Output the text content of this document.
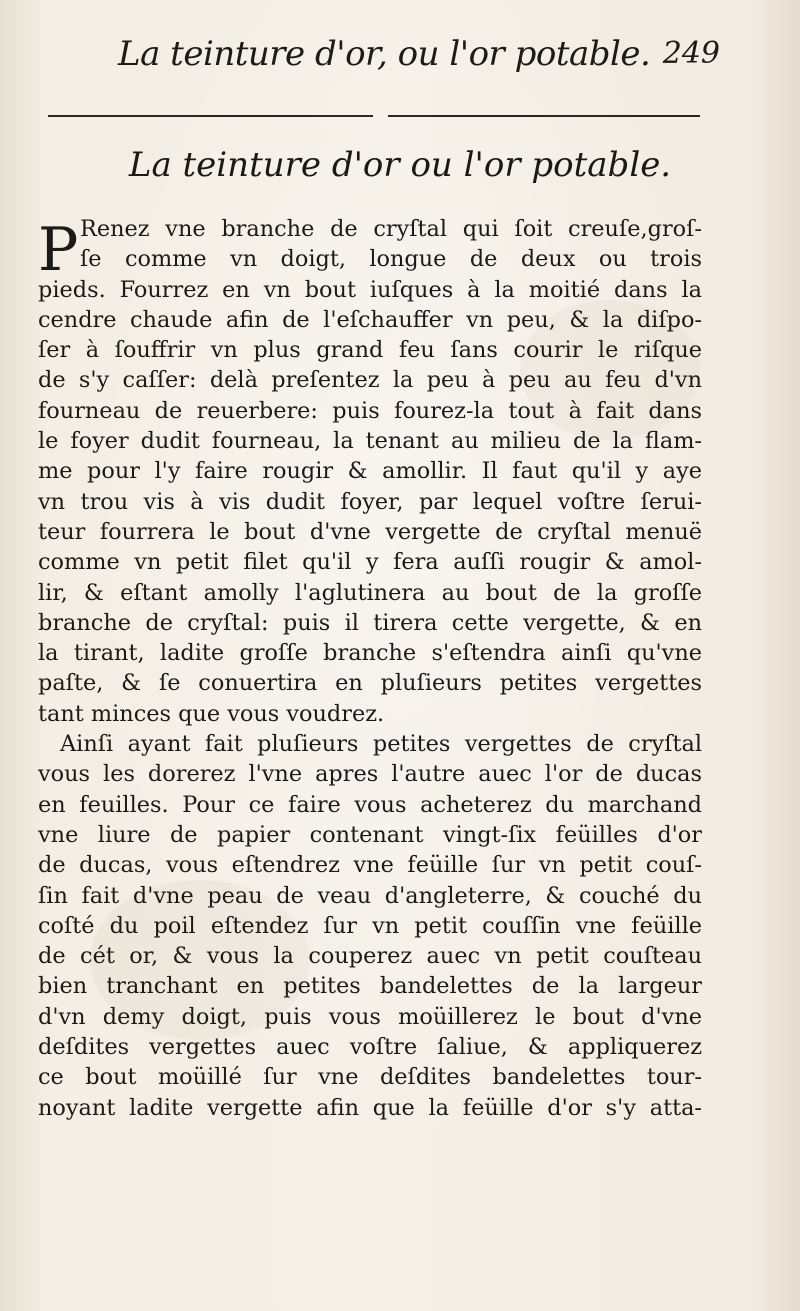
La teinture d'or, ou l'or potable. 249
La teinture d'or ou l'or potable.
P Renez vne branche de cryſtal qui ſoit creuſe,groſ-
ſe comme vn doigt, longue de deux ou trois
pieds. Fourrez en vn bout iuſques à la moitié dans la
cendre chaude afin de l'eſchauffer vn peu, & la diſpo-
ſer à ſouffrir vn plus grand feu ſans courir le riſque
de s'y caſſer: delà preſentez la peu à peu au feu d'vn
fourneau de reuerbere: puis fourez-la tout à fait dans
le foyer dudit fourneau, la tenant au milieu de la flam-
me pour l'y faire rougir & amollir. Il faut qu'il y aye
vn trou vis à vis dudit foyer, par lequel voſtre ſerui-
teur fourrera le bout d'vne vergette de cryſtal menuë
comme vn petit filet qu'il y fera auſſi rougir & amol-
lir, & eſtant amolly l'aglutinera au bout de la groſſe
branche de cryſtal: puis il tirera cette vergette, & en
la tirant, ladite groſſe branche s'eſtendra ainſi qu'vne
paſte, & ſe conuertira en pluſieurs petites vergettes
tant minces que vous voudrez.
Ainſi ayant fait pluſieurs petites vergettes de cryſtal
vous les dorerez l'vne apres l'autre auec l'or de ducas
en feuilles. Pour ce faire vous acheterez du marchand
vne liure de papier contenant vingt-ſix feüilles d'or
de ducas, vous eſtendrez vne feüille ſur vn petit couſ-
ſin fait d'vne peau de veau d'angleterre, & couché du
coſté du poil eſtendez ſur vn petit couſſin vne feüille
de cét or, & vous la couperez auec vn petit couſteau
bien tranchant en petites bandelettes de la largeur
d'vn demy doigt, puis vous moüillerez le bout d'vne
deſdites vergettes auec voſtre ſaliue, & appliquerez
ce bout moüillé ſur vne deſdites bandelettes tour-
noyant ladite vergette afin que la feüille d'or s'y atta-
